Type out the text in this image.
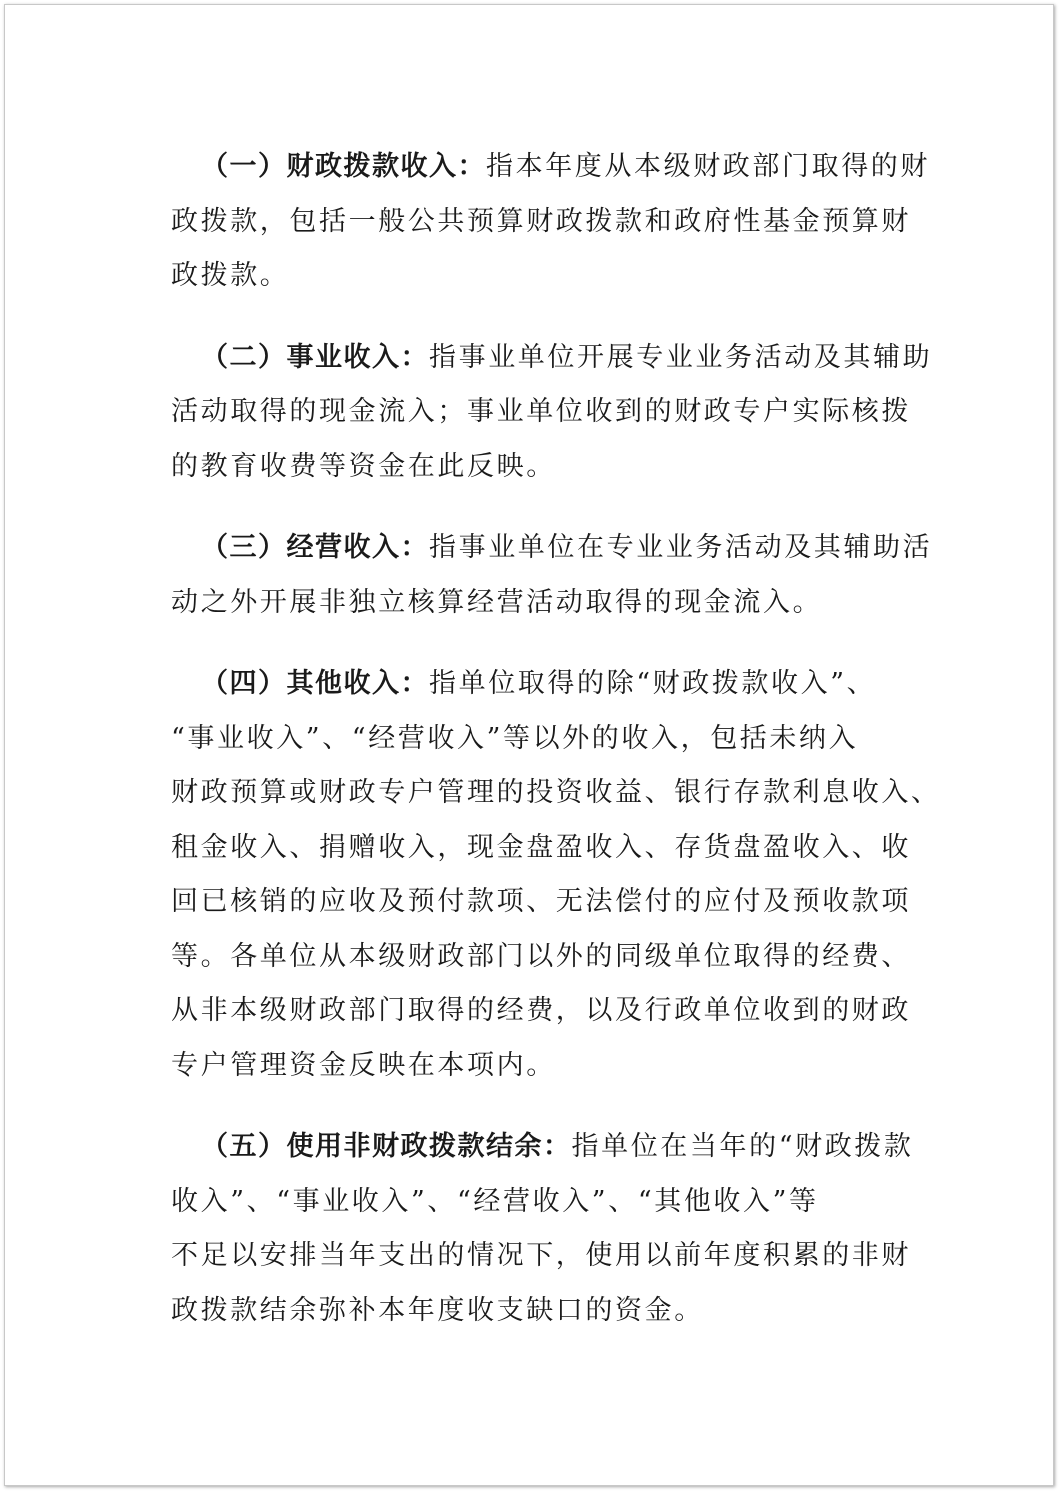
（一）财政拨款收入：指本年度从本级财政部门取得的财
政拨款，包括一般公共预算财政拨款和政府性基金预算财
政拨款。
（二）事业收入：指事业单位开展专业业务活动及其辅助
活动取得的现金流入；事业单位收到的财政专户实际核拨
的教育收费等资金在此反映。
（三）经营收入：指事业单位在专业业务活动及其辅助活
动之外开展非独立核算经营活动取得的现金流入。
（四）其他收入：指单位取得的除“财政拨款收入”、
“事业收入”、“经营收入”等以外的收入，包括未纳入
财政预算或财政专户管理的投资收益、银行存款利息收入、
租金收入、捐赠收入，现金盘盈收入、存货盘盈收入、收
回已核销的应收及预付款项、无法偿付的应付及预收款项
等。各单位从本级财政部门以外的同级单位取得的经费、
从非本级财政部门取得的经费，以及行政单位收到的财政
专户管理资金反映在本项内。
（五）使用非财政拨款结余：指单位在当年的“财政拨款
收入”、“事业收入”、“经营收入”、“其他收入”等
不足以安排当年支出的情况下，使用以前年度积累的非财
政拨款结余弥补本年度收支缺口的资金。
